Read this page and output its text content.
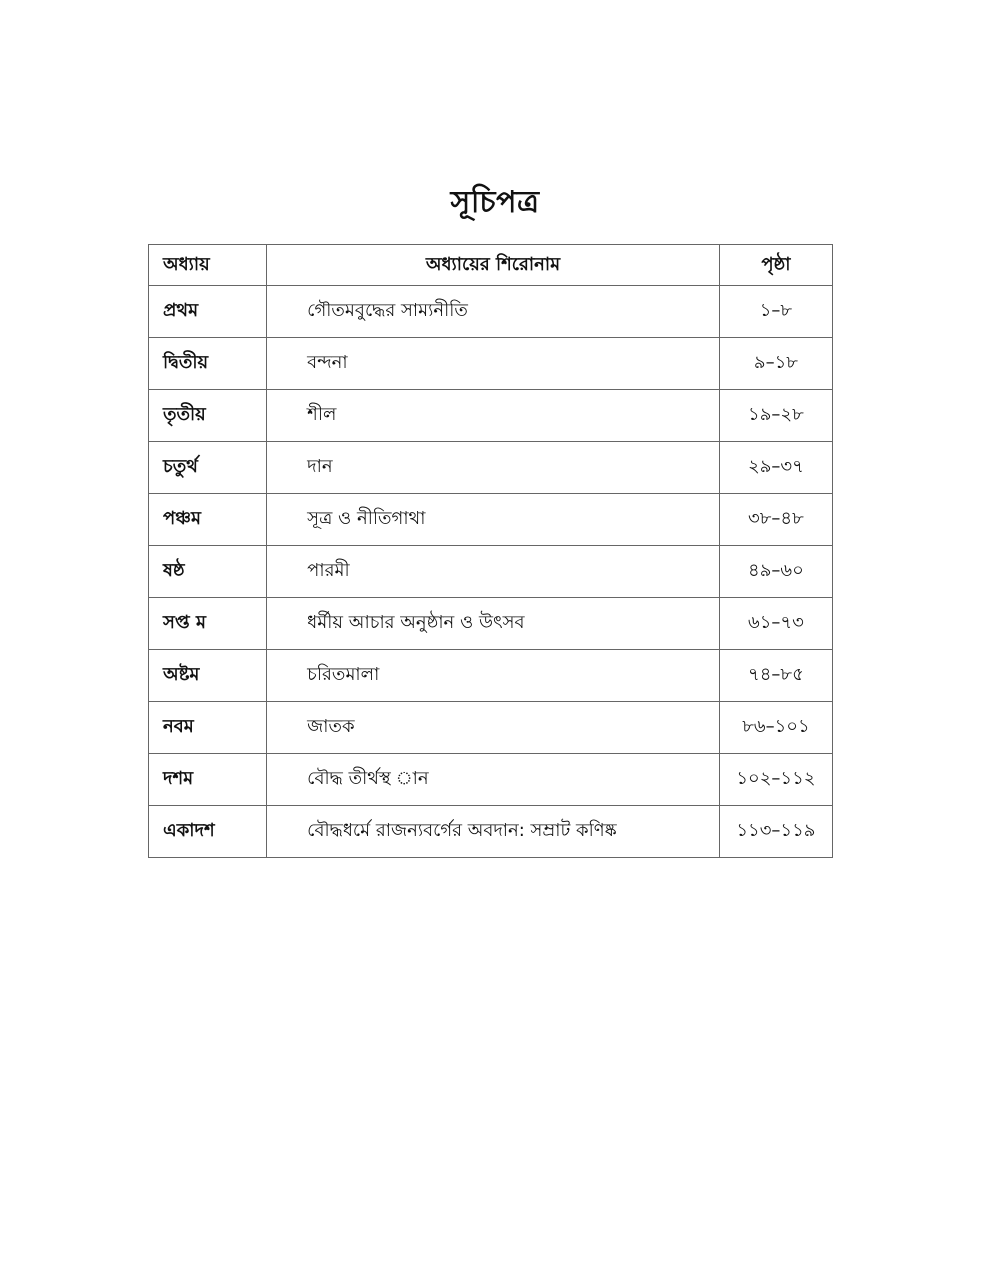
সূচিপত্র
অধ্যায়	অধ্যায়ের শিরোনাম	পৃষ্ঠা
প্রথম	গৌতমবুদ্ধের সাম্যনীতি	১–৮
দ্বিতীয়	বন্দনা	৯–১৮
তৃতীয়	শীল	১৯–২৮
চতুর্থ	দান	২৯–৩৭
পঞ্চম	সূত্র ও নীতিগাথা	৩৮–৪৮
ষষ্ঠ	পারমী	৪৯–৬০
সপ্ত ম	ধর্মীয় আচার অনুষ্ঠান ও উৎসব	৬১–৭৩
অষ্টম	চরিতমালা	৭৪–৮৫
নবম	জাতক	৮৬–১০১
দশম	বৌদ্ধ তীর্থস্থ ান	১০২–১১২
একাদশ	বৌদ্ধধর্মে রাজন্যবর্গের অবদান: সম্রাট কণিষ্ক	১১৩–১১৯
